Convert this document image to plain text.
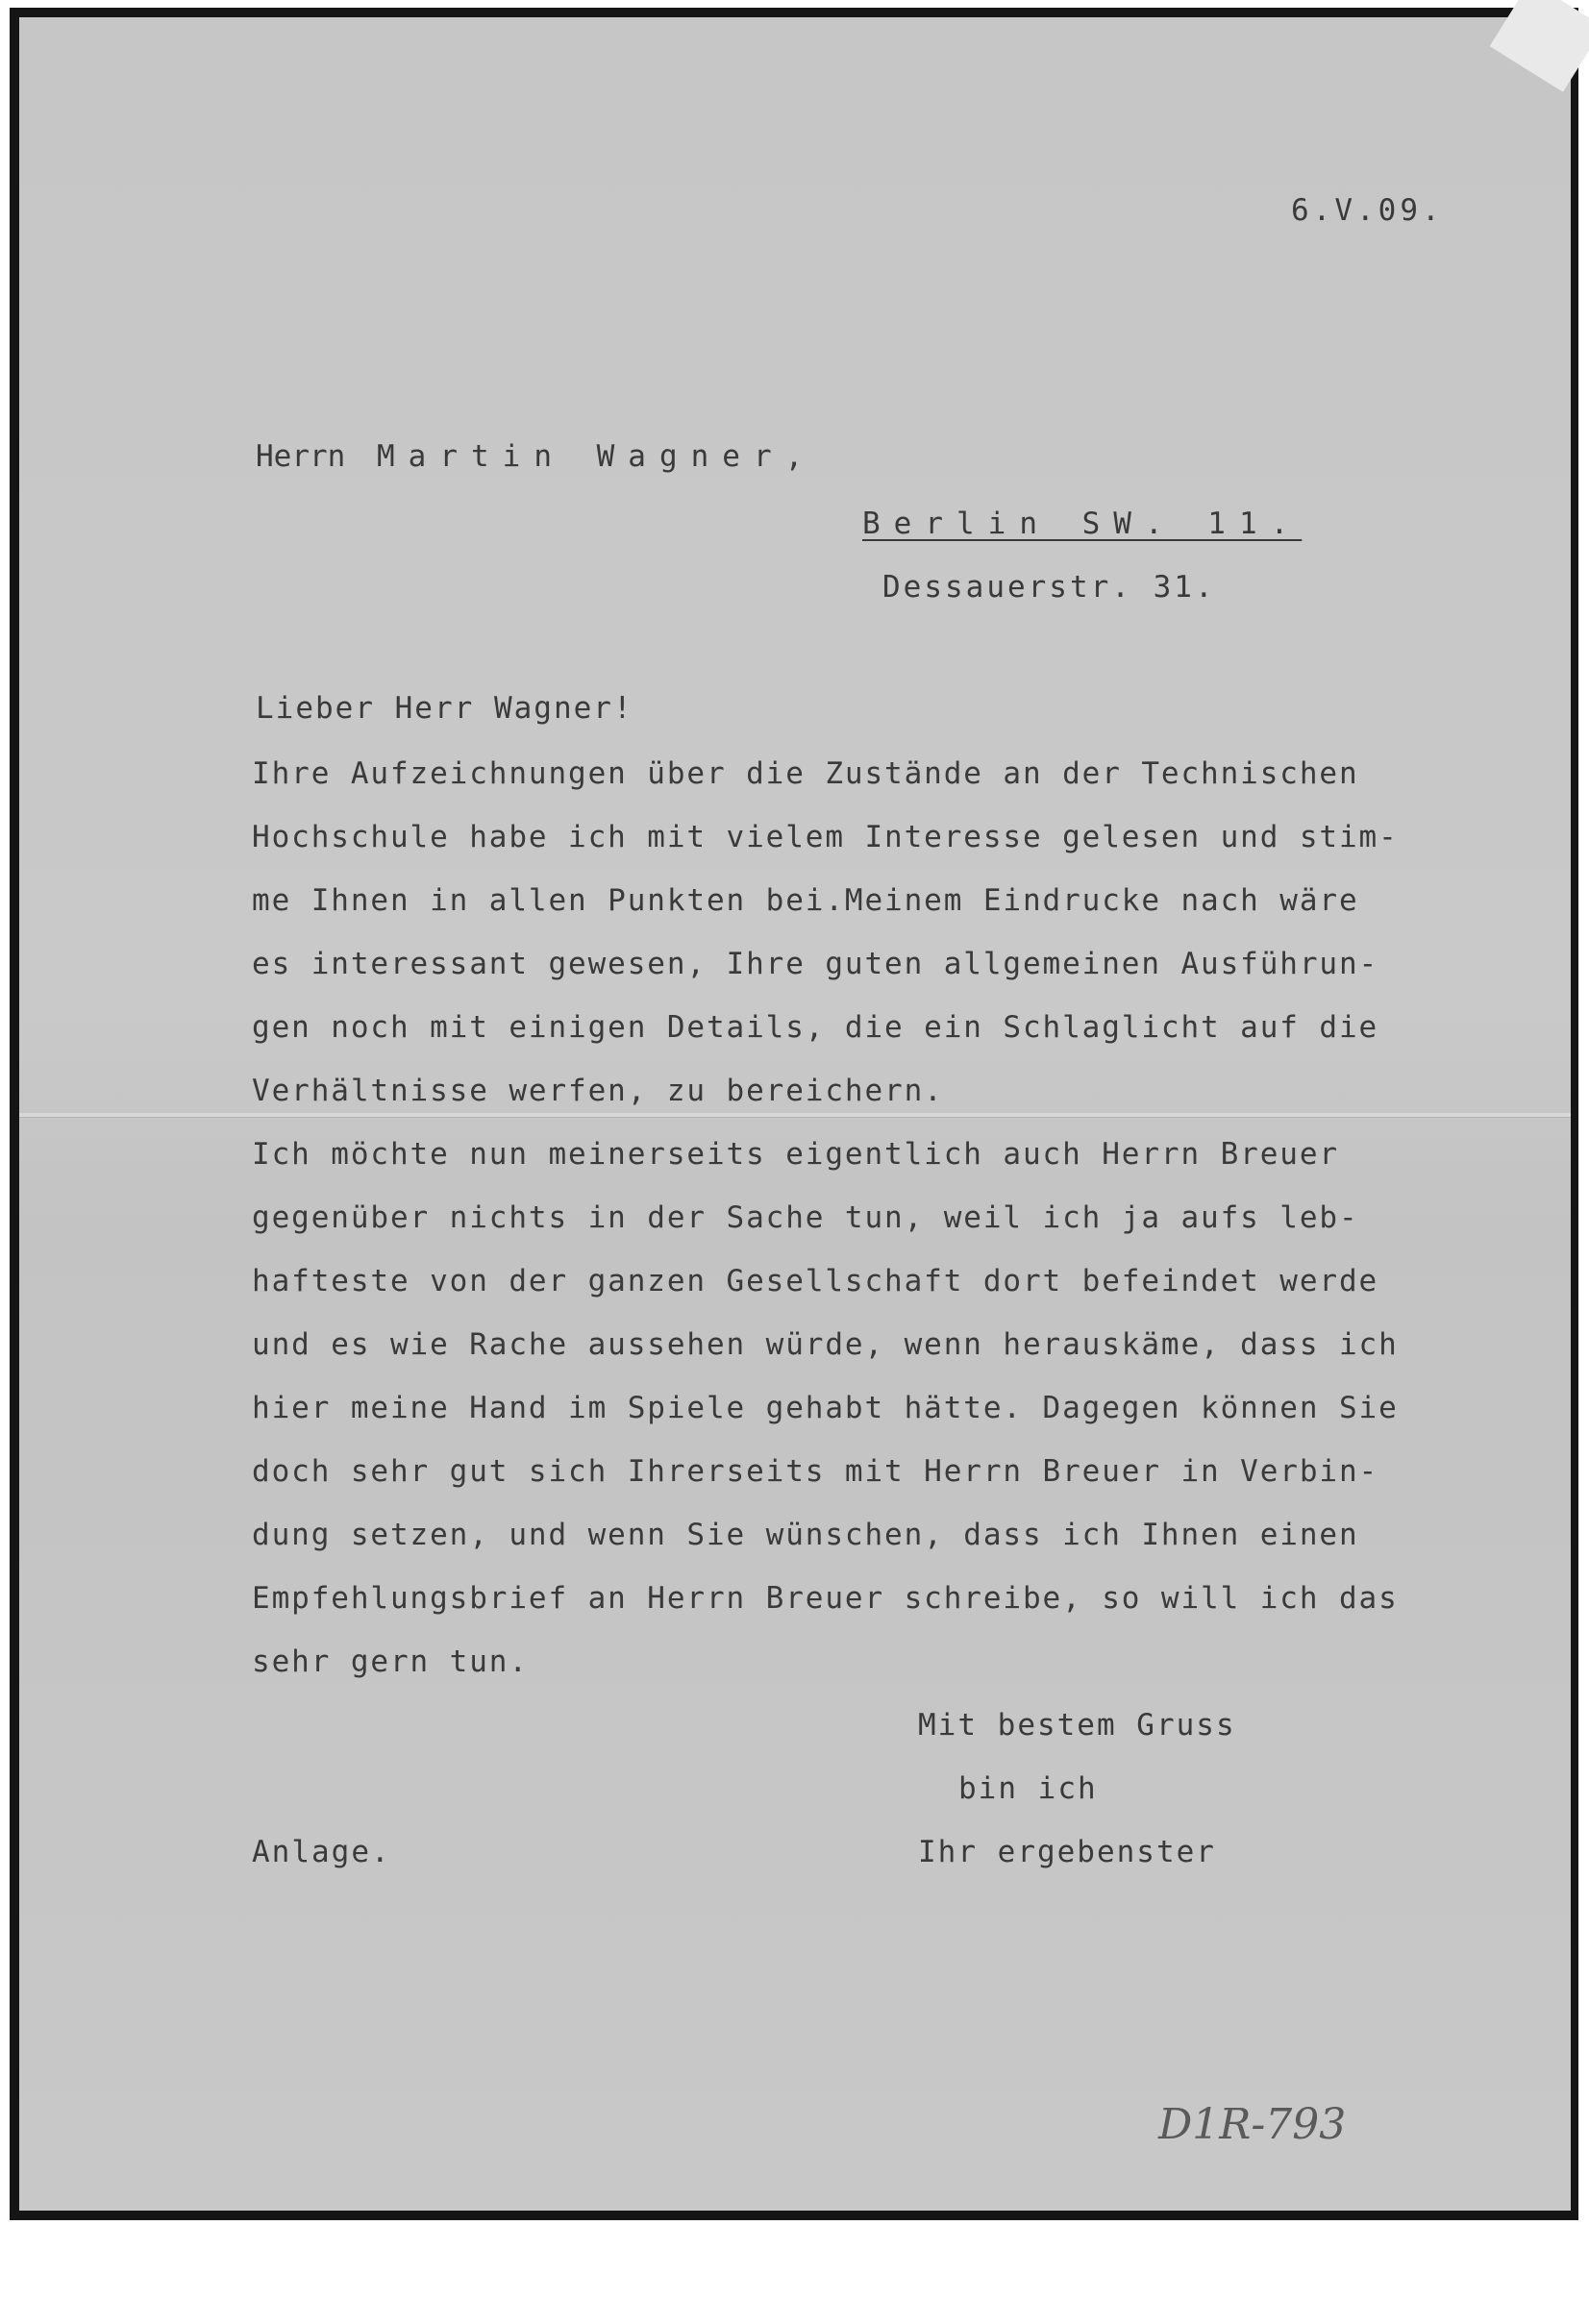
6.V.09.
Herrn Martin Wagner,
Berlin SW. 11.
Dessauerstr. 31.
Lieber Herr Wagner!
Ihre Aufzeichnungen über die Zustände an der Technischen
Hochschule habe ich mit vielem Interesse gelesen und stim-
me Ihnen in allen Punkten bei.Meinem Eindrucke nach wäre
es interessant gewesen, Ihre guten allgemeinen Ausführun-
gen noch mit einigen Details, die ein Schlaglicht auf die
Verhältnisse werfen, zu bereichern.
Ich möchte nun meinerseits eigentlich auch Herrn Breuer
gegenüber nichts in der Sache tun, weil ich ja aufs leb-
hafteste von der ganzen Gesellschaft dort befeindet werde
und es wie Rache aussehen würde, wenn herauskäme, dass ich
hier meine Hand im Spiele gehabt hätte. Dagegen können Sie
doch sehr gut sich Ihrerseits mit Herrn Breuer in Verbin-
dung setzen, und wenn Sie wünschen, dass ich Ihnen einen
Empfehlungsbrief an Herrn Breuer schreibe, so will ich das
sehr gern tun.
Mit bestem Gruss
bin ich
Ihr ergebenster
Anlage.
D1R-793
